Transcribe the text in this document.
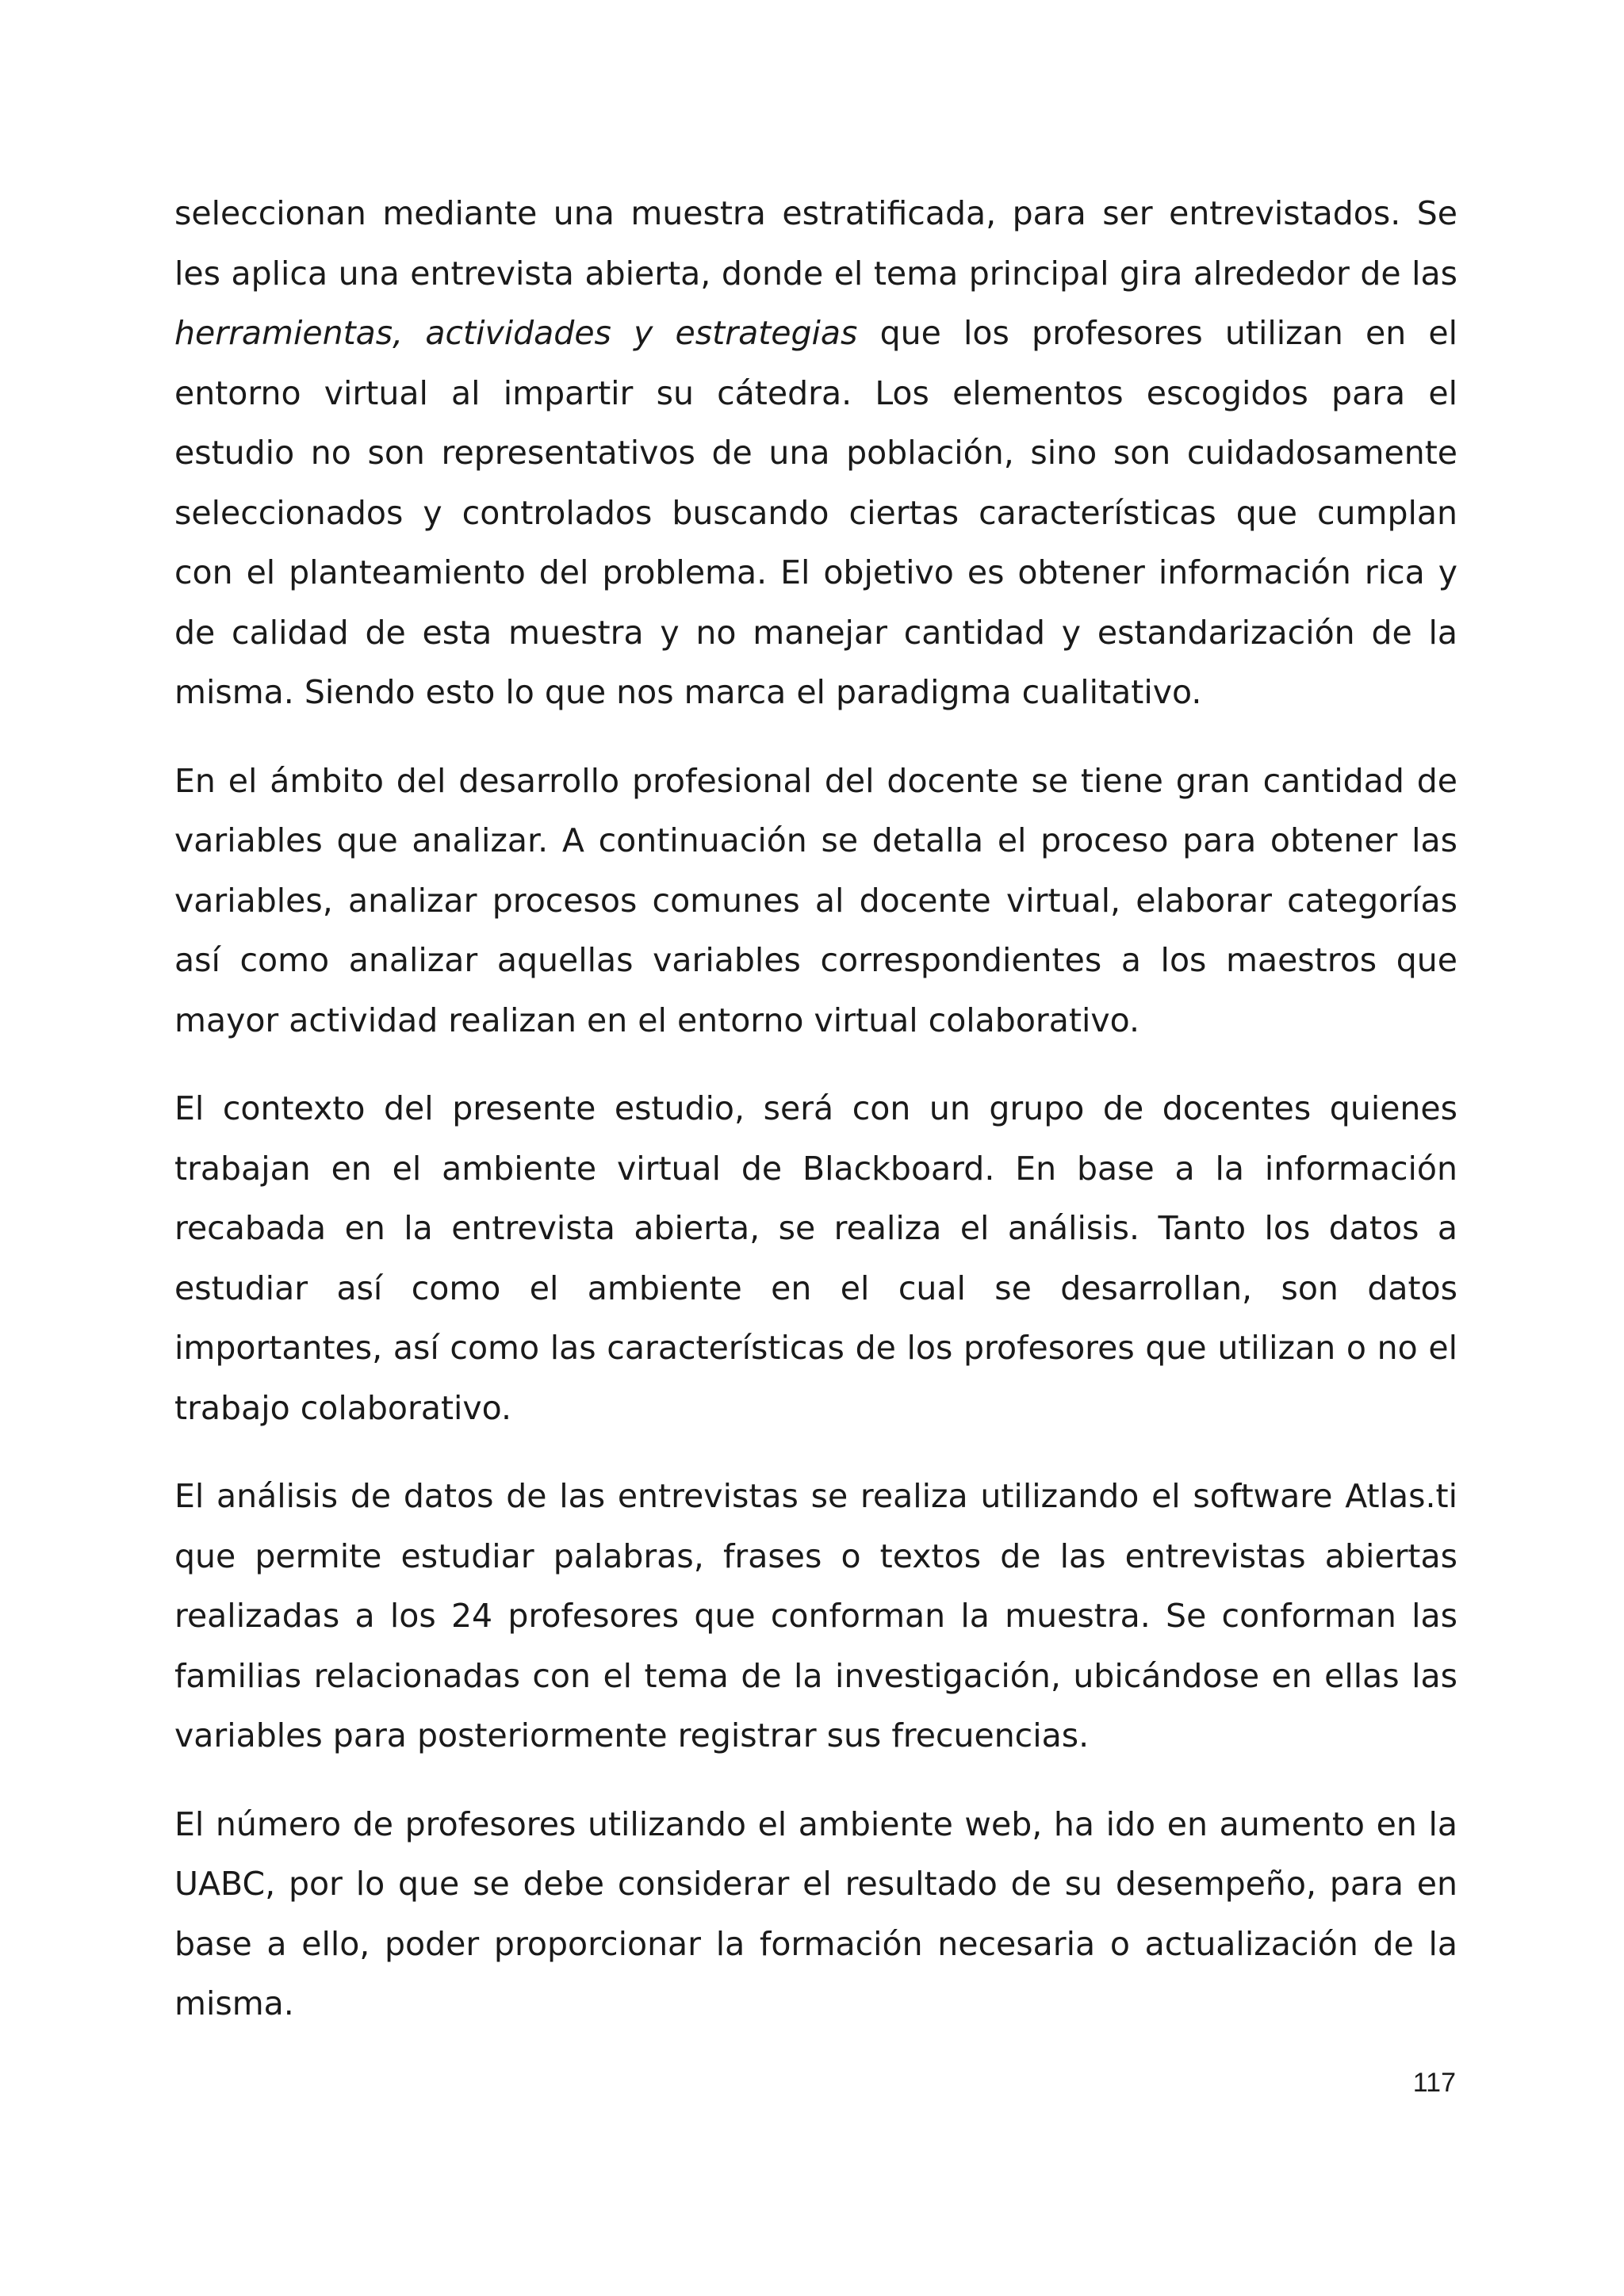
seleccionan mediante una muestra estratificada, para ser entrevistados. Se les aplica una entrevista abierta, donde el tema principal gira alrededor de las herramientas, actividades y estrategias que los profesores utilizan en el entorno virtual al impartir su cátedra. Los elementos escogidos para el estudio no son representativos de una población, sino son cuidadosamente seleccionados y controlados buscando ciertas características que cumplan con el planteamiento del problema. El objetivo es obtener información rica y de calidad de esta muestra y no manejar cantidad y estandarización de la misma. Siendo esto lo que nos marca el paradigma cualitativo.

En el ámbito del desarrollo profesional del docente se tiene gran cantidad de variables que analizar. A continuación se detalla el proceso para obtener las variables, analizar procesos comunes al docente virtual, elaborar categorías así como analizar aquellas variables correspondientes a los maestros que mayor actividad realizan en el entorno virtual colaborativo.

El contexto del presente estudio, será con un grupo de docentes quienes trabajan en el ambiente virtual de Blackboard. En base a la información recabada en la entrevista abierta, se realiza el análisis. Tanto los datos a estudiar así como el ambiente en el cual se desarrollan, son datos importantes, así como las características de los profesores que utilizan o no el trabajo colaborativo.

El análisis de datos de las entrevistas se realiza utilizando el software Atlas.ti que permite estudiar palabras, frases o textos de las entrevistas abiertas realizadas a los 24 profesores que conforman la muestra. Se conforman las familias relacionadas con el tema de la investigación, ubicándose en ellas las variables para posteriormente registrar sus frecuencias.

El número de profesores utilizando el ambiente web, ha ido en aumento en la UABC, por lo que se debe considerar el resultado de su desempeño, para en base a ello, poder proporcionar la formación necesaria o actualización de la misma.

117
